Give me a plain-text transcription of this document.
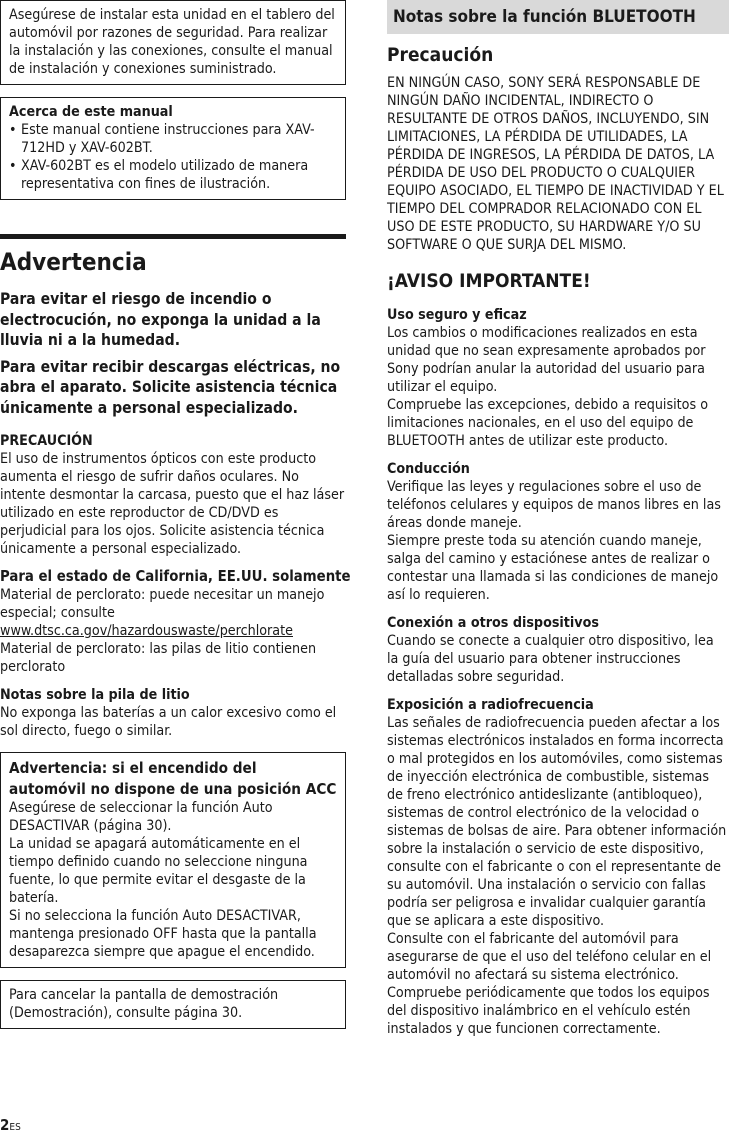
Asegúrese de instalar esta unidad en el tablero del automóvil por razones de seguridad. Para realizar la instalación y las conexiones, consulte el manual de instalación y conexiones suministrado.

Acerca de este manual

• Este manual contiene instrucciones para XAV-712HD y XAV-602BT.
• XAV-602BT es el modelo utilizado de manera representativa con fines de ilustración.
Advertencia

Para evitar el riesgo de incendio o electrocución, no exponga la unidad a la lluvia ni a la humedad.

Para evitar recibir descargas eléctricas, no abra el aparato. Solicite asistencia técnica únicamente a personal especializado.

PRECAUCIÓN

El uso de instrumentos ópticos con este producto aumenta el riesgo de sufrir daños oculares. No intente desmontar la carcasa, puesto que el haz láser utilizado en este reproductor de CD/DVD es perjudicial para los ojos. Solicite asistencia técnica únicamente a personal especializado.

Para el estado de California, EE.UU. solamente

Material de perclorato: puede necesitar un manejo especial; consulte

www.dtsc.ca.gov/hazardouswaste/perchlorate

Material de perclorato: las pilas de litio contienen perclorato

Notas sobre la pila de litio

No exponga las baterías a un calor excesivo como el sol directo, fuego o similar.

Advertencia: si el encendido del automóvil no dispone de una posición ACC

Asegúrese de seleccionar la función Auto DESACTIVAR (página 30).

La unidad se apagará automáticamente en el tiempo definido cuando no seleccione ninguna fuente, lo que permite evitar el desgaste de la batería.

Si no selecciona la función Auto DESACTIVAR, mantenga presionado OFF hasta que la pantalla desaparezca siempre que apague el encendido.

Para cancelar la pantalla de demostración (Demostración), consulte página 30.

Notas sobre la función BLUETOOTH
Precaución

EN NINGÚN CASO, SONY SERÁ RESPONSABLE DE NINGÚN DAÑO INCIDENTAL, INDIRECTO O RESULTANTE DE OTROS DAÑOS, INCLUYENDO, SIN LIMITACIONES, LA PÉRDIDA DE UTILIDADES, LA PÉRDIDA DE INGRESOS, LA PÉRDIDA DE DATOS, LA PÉRDIDA DE USO DEL PRODUCTO O CUALQUIER EQUIPO ASOCIADO, EL TIEMPO DE INACTIVIDAD Y EL TIEMPO DEL COMPRADOR RELACIONADO CON EL USO DE ESTE PRODUCTO, SU HARDWARE Y/O SU SOFTWARE O QUE SURJA DEL MISMO.

¡AVISO IMPORTANTE!

Uso seguro y eficaz

Los cambios o modificaciones realizados en esta unidad que no sean expresamente aprobados por Sony podrían anular la autoridad del usuario para utilizar el equipo.

Compruebe las excepciones, debido a requisitos o limitaciones nacionales, en el uso del equipo de BLUETOOTH antes de utilizar este producto.

Conducción

Verifique las leyes y regulaciones sobre el uso de teléfonos celulares y equipos de manos libres en las áreas donde maneje.

Siempre preste toda su atención cuando maneje, salga del camino y estaciónese antes de realizar o contestar una llamada si las condiciones de manejo así lo requieren.

Conexión a otros dispositivos

Cuando se conecte a cualquier otro dispositivo, lea la guía del usuario para obtener instrucciones detalladas sobre seguridad.

Exposición a radiofrecuencia

Las señales de radiofrecuencia pueden afectar a los sistemas electrónicos instalados en forma incorrecta o mal protegidos en los automóviles, como sistemas de inyección electrónica de combustible, sistemas de freno electrónico antideslizante (antibloqueo), sistemas de control electrónico de la velocidad o sistemas de bolsas de aire. Para obtener información sobre la instalación o servicio de este dispositivo, consulte con el fabricante o con el representante de su automóvil. Una instalación o servicio con fallas podría ser peligrosa e invalidar cualquier garantía que se aplicara a este dispositivo.

Consulte con el fabricante del automóvil para asegurarse de que el uso del teléfono celular en el automóvil no afectará su sistema electrónico.

Compruebe periódicamente que todos los equipos del dispositivo inalámbrico en el vehículo estén instalados y que funcionen correctamente.

2ES
